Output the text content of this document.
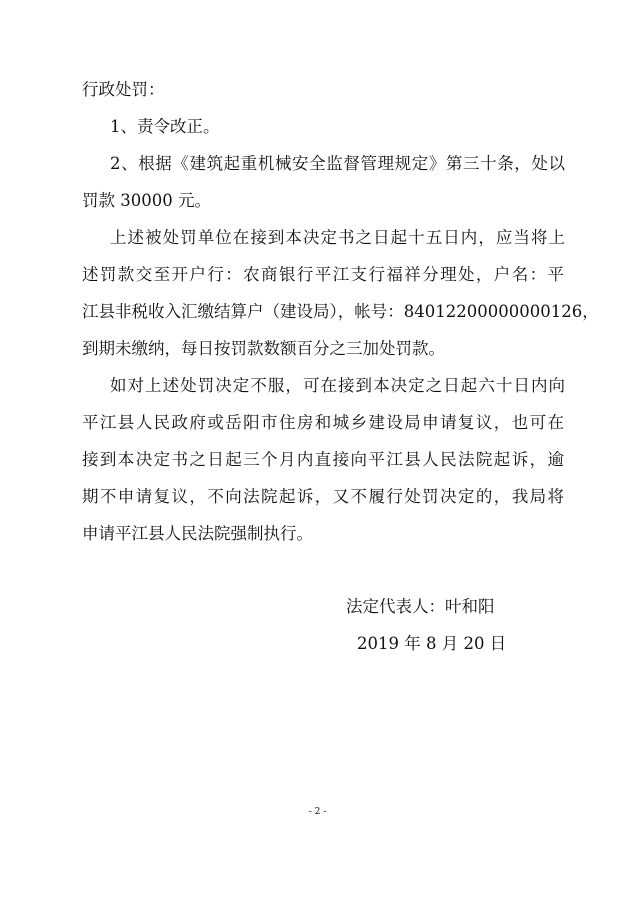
行政处罚：
1、责令改正。
2、根据《建筑起重机械安全监督管理规定》第三十条，处以
罚款 30000 元。
上述被处罚单位在接到本决定书之日起十五日内，应当将上
述罚款交至开户行：农商银行平江支行福祥分理处，户名：平
江县非税收入汇缴结算户（建设局），帐号：84012200000000126，
到期未缴纳，每日按罚款数额百分之三加处罚款。
如对上述处罚决定不服，可在接到本决定之日起六十日内向
平江县人民政府或岳阳市住房和城乡建设局申请复议，也可在
接到本决定书之日起三个月内直接向平江县人民法院起诉，逾
期不申请复议，不向法院起诉，又不履行处罚决定的，我局将
申请平江县人民法院强制执行。
法定代表人：叶和阳
2019 年 8 月 20 日
- 2 -
